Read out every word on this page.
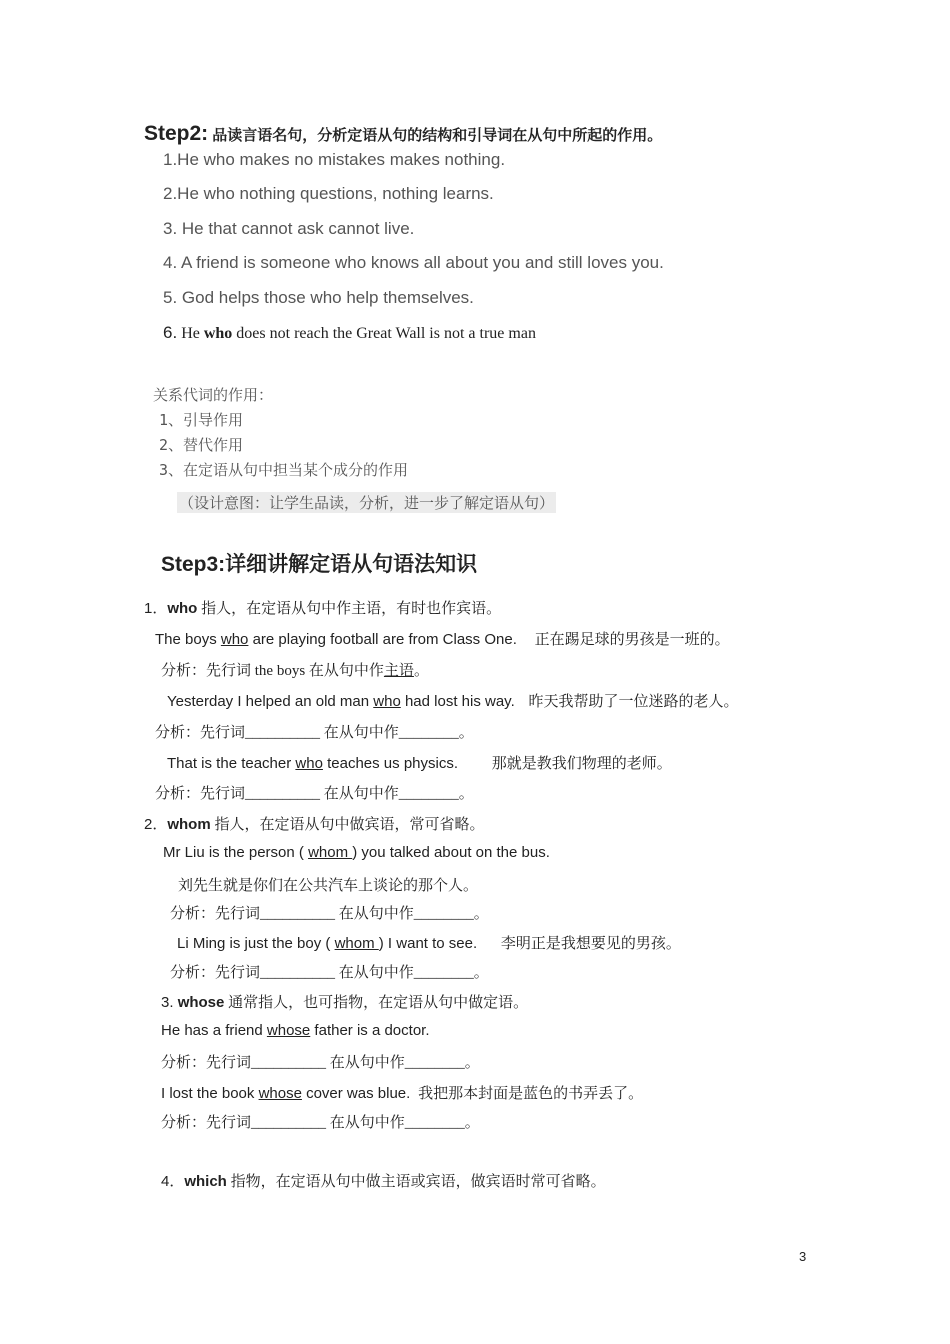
Step2: 品读言语名句，分析定语从句的结构和引导词在从句中所起的作用。
1.He who makes no mistakes makes nothing.
2.He who nothing questions, nothing learns.
3. He that cannot ask cannot live.
4. A friend is someone who knows all about you and still loves you.
5. God helps those who help themselves.
6. He who does not reach the Great Wall is not a true man
关系代词的作用：
1、引导作用
2、替代作用
3、在定语从句中担当某个成分的作用
（设计意图：让学生品读，分析，进一步了解定语从句）
Step3:详细讲解定语从句语法知识
1．who 指人，在定语从句中作主语，有时也作宾语。
The boys who are playing football are from Class One. 正在踢足球的男孩是一班的。
分析：先行词 the boys 在从句中作主语。
Yesterday I helped an old man who had lost his way. 昨天我帮助了一位迷路的老人。
分析：先行词__________ 在从句中作________。
That is the teacher who teaches us physics. 那就是教我们物理的老师。
分析：先行词__________ 在从句中作________。
2．whom 指人，在定语从句中做宾语，常可省略。
Mr Liu is the person ( whom ) you talked about on the bus.
刘先生就是你们在公共汽车上谈论的那个人。
分析：先行词__________ 在从句中作________。
Li Ming is just the boy ( whom ) I want to see. 李明正是我想要见的男孩。
分析：先行词__________ 在从句中作________。
3. whose 通常指人，也可指物，在定语从句中做定语。
He has a friend whose father is a doctor.
分析：先行词__________ 在从句中作________。
I lost the book whose cover was blue. 我把那本封面是蓝色的书弄丢了。
分析：先行词__________ 在从句中作________。
4．which 指物，在定语从句中做主语或宾语，做宾语时常可省略。
3
